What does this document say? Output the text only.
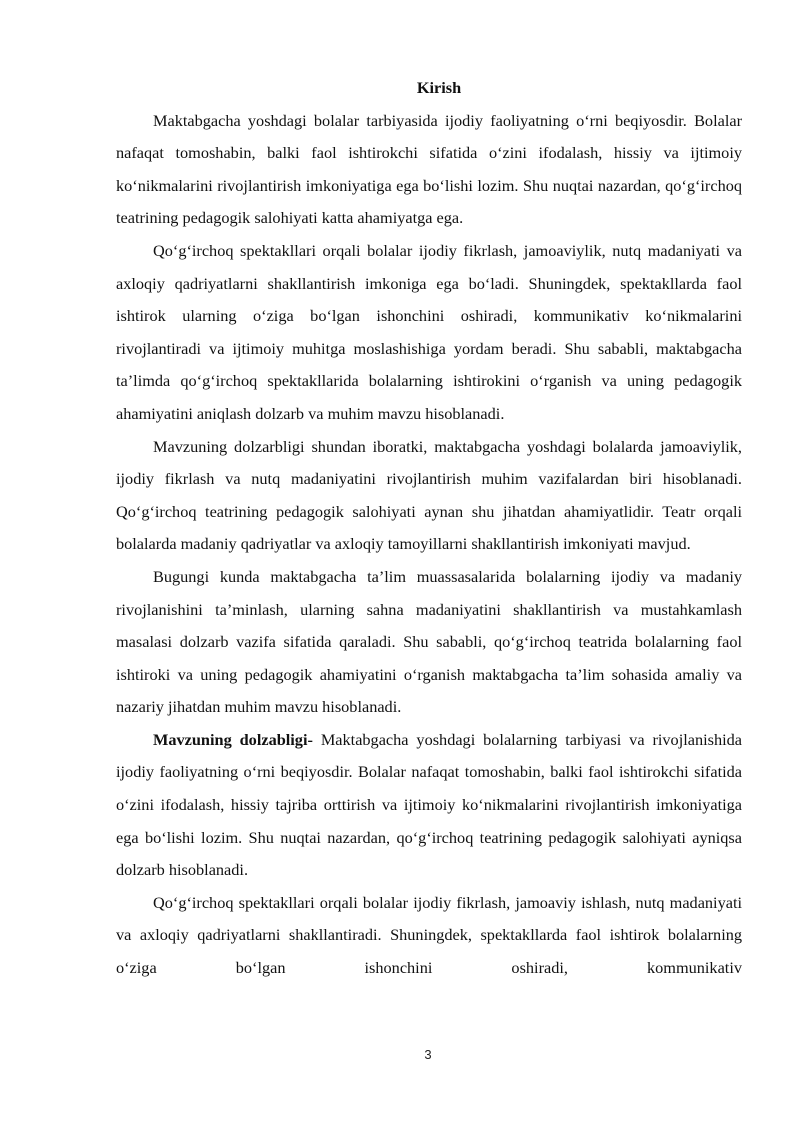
Kirish

Maktabgacha yoshdagi bolalar tarbiyasida ijodiy faoliyatning o‘rni beqiyosdir. Bolalar nafaqat tomoshabin, balki faol ishtirokchi sifatida o‘zini ifodalash, hissiy va ijtimoiy ko‘nikmalarini rivojlantirish imkoniyatiga ega bo‘lishi lozim. Shu nuqtai nazardan, qo‘g‘irchoq teatrining pedagogik salohiyati katta ahamiyatga ega.

Qo‘g‘irchoq spektakllari orqali bolalar ijodiy fikrlash, jamoaviylik, nutq madaniyati va axloqiy qadriyatlarni shakllantirish imkoniga ega bo‘ladi. Shuningdek, spektakllarda faol ishtirok ularning o‘ziga bo‘lgan ishonchini oshiradi, kommunikativ ko‘nikmalarini rivojlantiradi va ijtimoiy muhitga moslashishiga yordam beradi. Shu sababli, maktabgacha ta’limda qo‘g‘irchoq spektakllarida bolalarning ishtirokini o‘rganish va uning pedagogik ahamiyatini aniqlash dolzarb va muhim mavzu hisoblanadi.

Mavzuning dolzarbligi shundan iboratki, maktabgacha yoshdagi bolalarda jamoaviylik, ijodiy fikrlash va nutq madaniyatini rivojlantirish muhim vazifalardan biri hisoblanadi. Qo‘g‘irchoq teatrining pedagogik salohiyati aynan shu jihatdan ahamiyatlidir. Teatr orqali bolalarda madaniy qadriyatlar va axloqiy tamoyillarni shakllantirish imkoniyati mavjud.

Bugungi kunda maktabgacha ta’lim muassasalarida bolalarning ijodiy va madaniy rivojlanishini ta’minlash, ularning sahna madaniyatini shakllantirish va mustahkamlash masalasi dolzarb vazifa sifatida qaraladi. Shu sababli, qo‘g‘irchoq teatrida bolalarning faol ishtiroki va uning pedagogik ahamiyatini o‘rganish maktabgacha ta’lim sohasida amaliy va nazariy jihatdan muhim mavzu hisoblanadi.

Mavzuning dolzabligi- Maktabgacha yoshdagi bolalarning tarbiyasi va rivojlanishida ijodiy faoliyatning o‘rni beqiyosdir. Bolalar nafaqat tomoshabin, balki faol ishtirokchi sifatida o‘zini ifodalash, hissiy tajriba orttirish va ijtimoiy ko‘nikmalarini rivojlantirish imkoniyatiga ega bo‘lishi lozim. Shu nuqtai nazardan, qo‘g‘irchoq teatrining pedagogik salohiyati ayniqsa dolzarb hisoblanadi.

Qo‘g‘irchoq spektakllari orqali bolalar ijodiy fikrlash, jamoaviy ishlash, nutq madaniyati va axloqiy qadriyatlarni shakllantiradi. Shuningdek, spektakllarda faol ishtirok bolalarning o‘ziga bo‘lgan ishonchini oshiradi, kommunikativ

3
